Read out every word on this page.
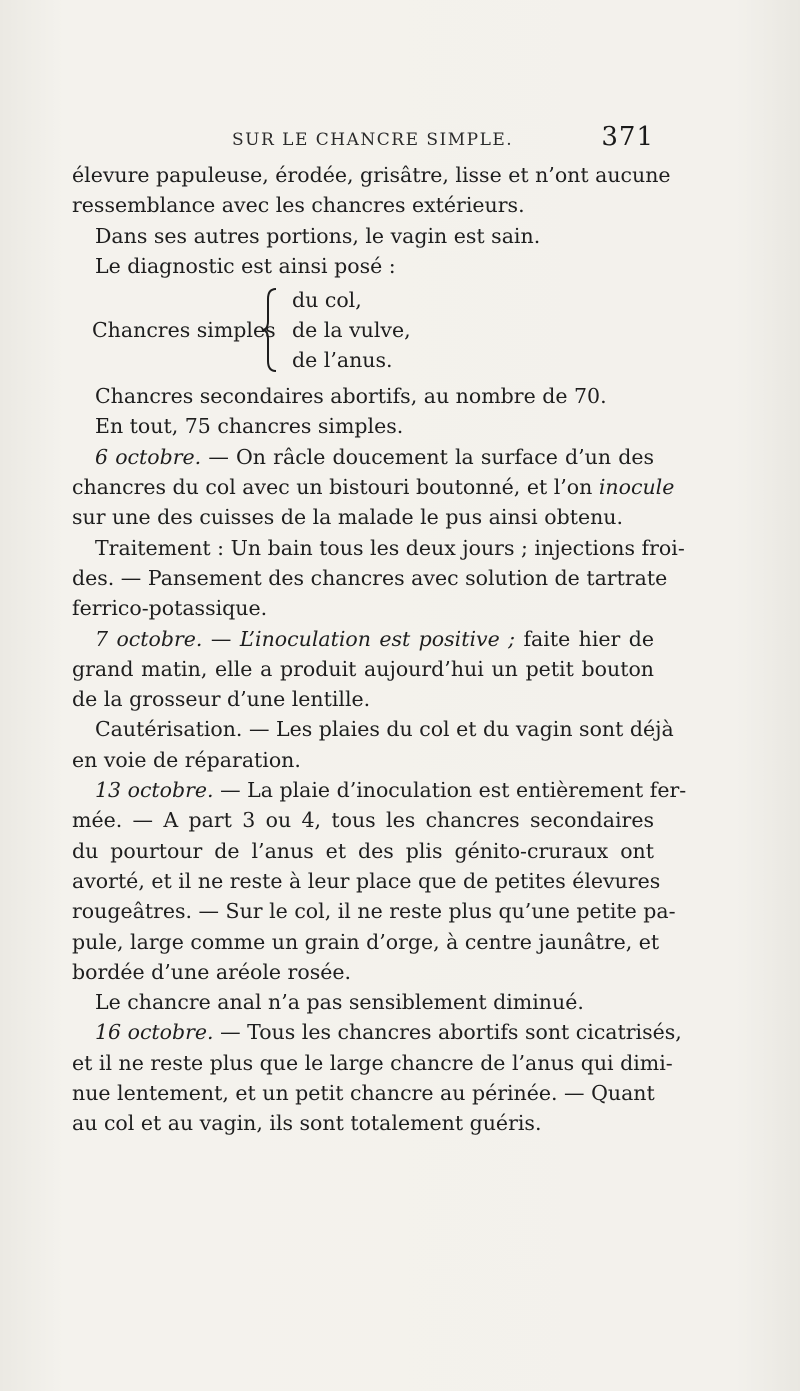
SUR LE CHANCRE SIMPLE.	371
élevure papuleuse, érodée, grisâtre, lisse et n’ont aucune
ressemblance avec les chancres extérieurs.
Dans ses autres portions, le vagin est sain.
Le diagnostic est ainsi posé :
Chancres simples
du col,
de la vulve,
de l’anus.
Chancres secondaires abortifs, au nombre de 70.
En tout, 75 chancres simples.
6 octobre. — On râcle doucement la surface d’un des
chancres du col avec un bistouri boutonné, et l’on inocule
sur une des cuisses de la malade le pus ainsi obtenu.
Traitement : Un bain tous les deux jours ; injections froi-
des. — Pansement des chancres avec solution de tartrate
ferrico-potassique.
7 octobre. — L’inoculation est positive ; faite hier de
grand matin, elle a produit aujourd’hui un petit bouton
de la grosseur d’une lentille.
Cautérisation. — Les plaies du col et du vagin sont déjà
en voie de réparation.
13 octobre. — La plaie d’inoculation est entièrement fer-
mée. — A part 3 ou 4, tous les chancres secondaires
du pourtour de l’anus et des plis génito-cruraux ont
avorté, et il ne reste à leur place que de petites élevures
rougeâtres. — Sur le col, il ne reste plus qu’une petite pa-
pule, large comme un grain d’orge, à centre jaunâtre, et
bordée d’une aréole rosée.
Le chancre anal n’a pas sensiblement diminué.
16 octobre. — Tous les chancres abortifs sont cicatrisés,
et il ne reste plus que le large chancre de l’anus qui dimi-
nue lentement, et un petit chancre au périnée. — Quant
au col et au vagin, ils sont totalement guéris.
